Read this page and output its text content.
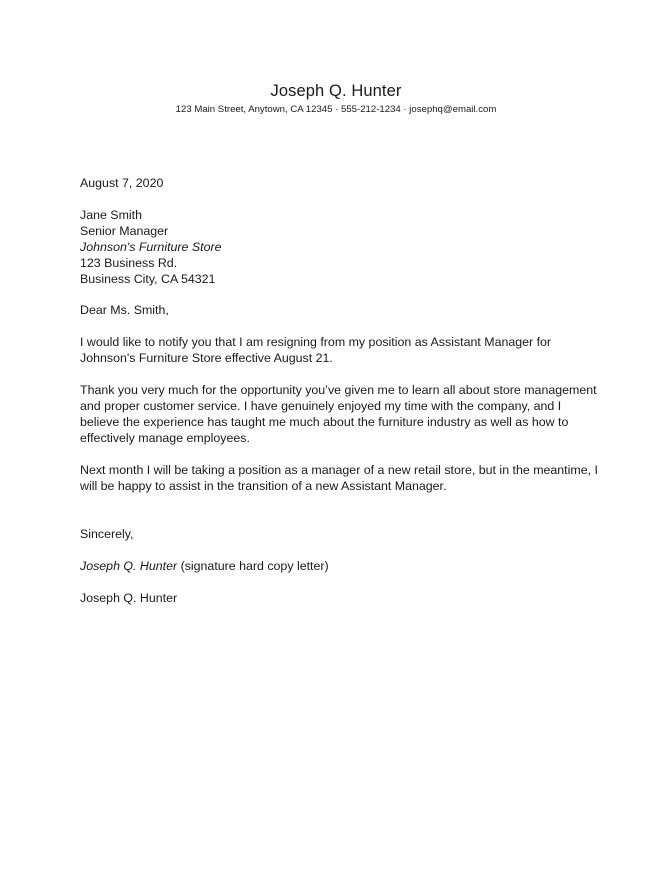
Joseph Q. Hunter
123 Main Street, Anytown, CA 12345 · 555-212-1234 · josephq@email.com
August 7, 2020
Jane Smith
Senior Manager
Johnson's Furniture Store
123 Business Rd.
Business City, CA 54321
Dear Ms. Smith,
I would like to notify you that I am resigning from my position as Assistant Manager for
Johnson's Furniture Store effective August 21.
Thank you very much for the opportunity you’ve given me to learn all about store management
and proper customer service. I have genuinely enjoyed my time with the company, and I
believe the experience has taught me much about the furniture industry as well as how to
effectively manage employees.
Next month I will be taking a position as a manager of a new retail store, but in the meantime, I
will be happy to assist in the transition of a new Assistant Manager.
Sincerely,
Joseph Q. Hunter (signature hard copy letter)
Joseph Q. Hunter
